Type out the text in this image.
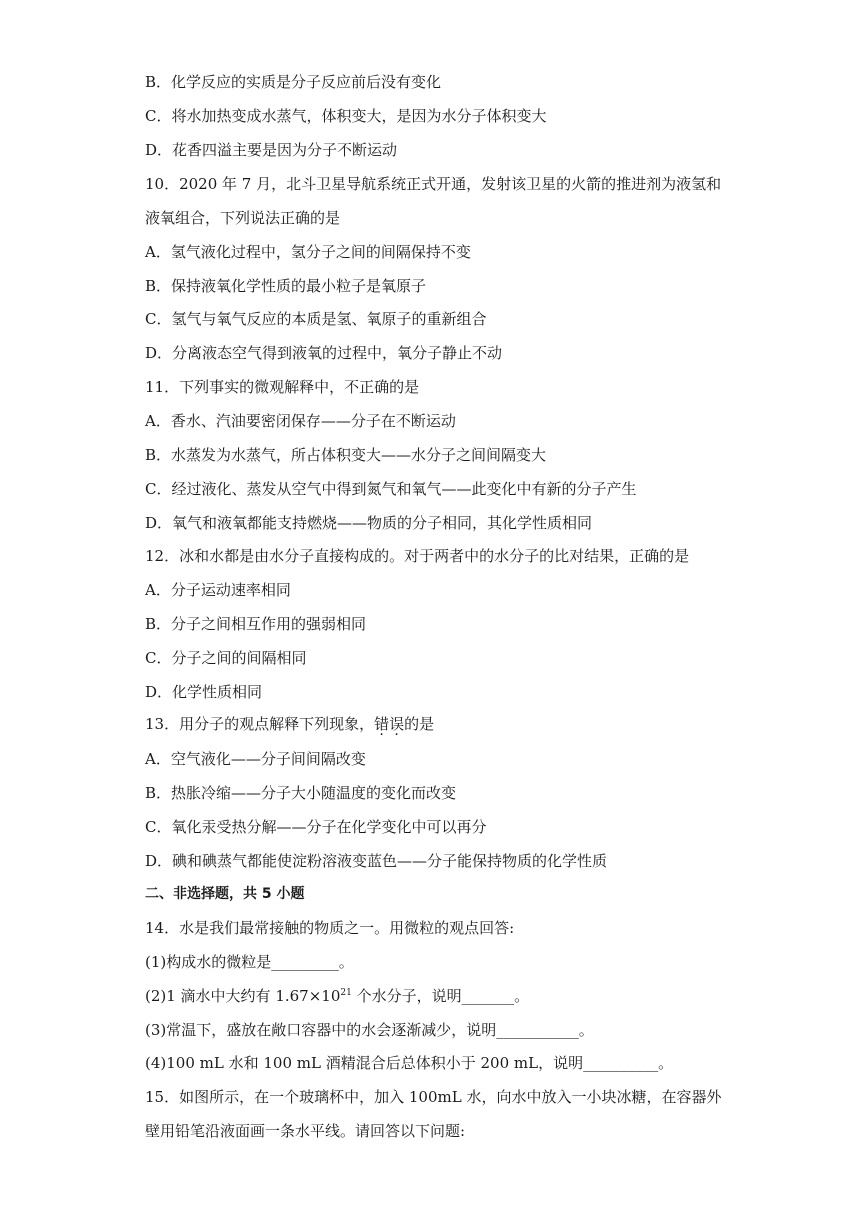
B．化学反应的实质是分子反应前后没有变化
C．将水加热变成水蒸气，体积变大，是因为水分子体积变大
D．花香四溢主要是因为分子不断运动
10．2020 年 7 月，北斗卫星导航系统正式开通，发射该卫星的火箭的推进剂为液氢和
液氧组合，下列说法正确的是
A．氢气液化过程中，氢分子之间的间隔保持不变
B．保持液氧化学性质的最小粒子是氧原子
C．氢气与氧气反应的本质是氢、氧原子的重新组合
D．分离液态空气得到液氧的过程中，氧分子静止不动
11．下列事实的微观解释中，不正确的是
A．香水、汽油要密闭保存——分子在不断运动
B．水蒸发为水蒸气，所占体积变大——水分子之间间隔变大
C．经过液化、蒸发从空气中得到氮气和氧气——此变化中有新的分子产生
D．氧气和液氧都能支持燃烧——物质的分子相同，其化学性质相同
12．冰和水都是由水分子直接构成的。对于两者中的水分子的比对结果，正确的是
A．分子运动速率相同
B．分子之间相互作用的强弱相同
C．分子之间的间隔相同
D．化学性质相同
13．用分子的观点解释下列现象，错误的是
A．空气液化——分子间间隔改变
B．热胀冷缩——分子大小随温度的变化而改变
C．氧化汞受热分解——分子在化学变化中可以再分
D．碘和碘蒸气都能使淀粉溶液变蓝色——分子能保持物质的化学性质
二、非选择题，共 5 小题
14．水是我们最常接触的物质之一。用微粒的观点回答:
(1)构成水的微粒是_________。
(2)1 滴水中大约有 $1.67\times 10^{21}$ 个水分子，说明_______。
(3)常温下，盛放在敞口容器中的水会逐渐减少，说明___________。
(4)100 mL 水和 100 mL 酒精混合后总体积小于 200 mL，说明__________。
15．如图所示，在一个玻璃杯中，加入 100mL 水，向水中放入一小块冰糖，在容器外
壁用铅笔沿液面画一条水平线。请回答以下问题:
